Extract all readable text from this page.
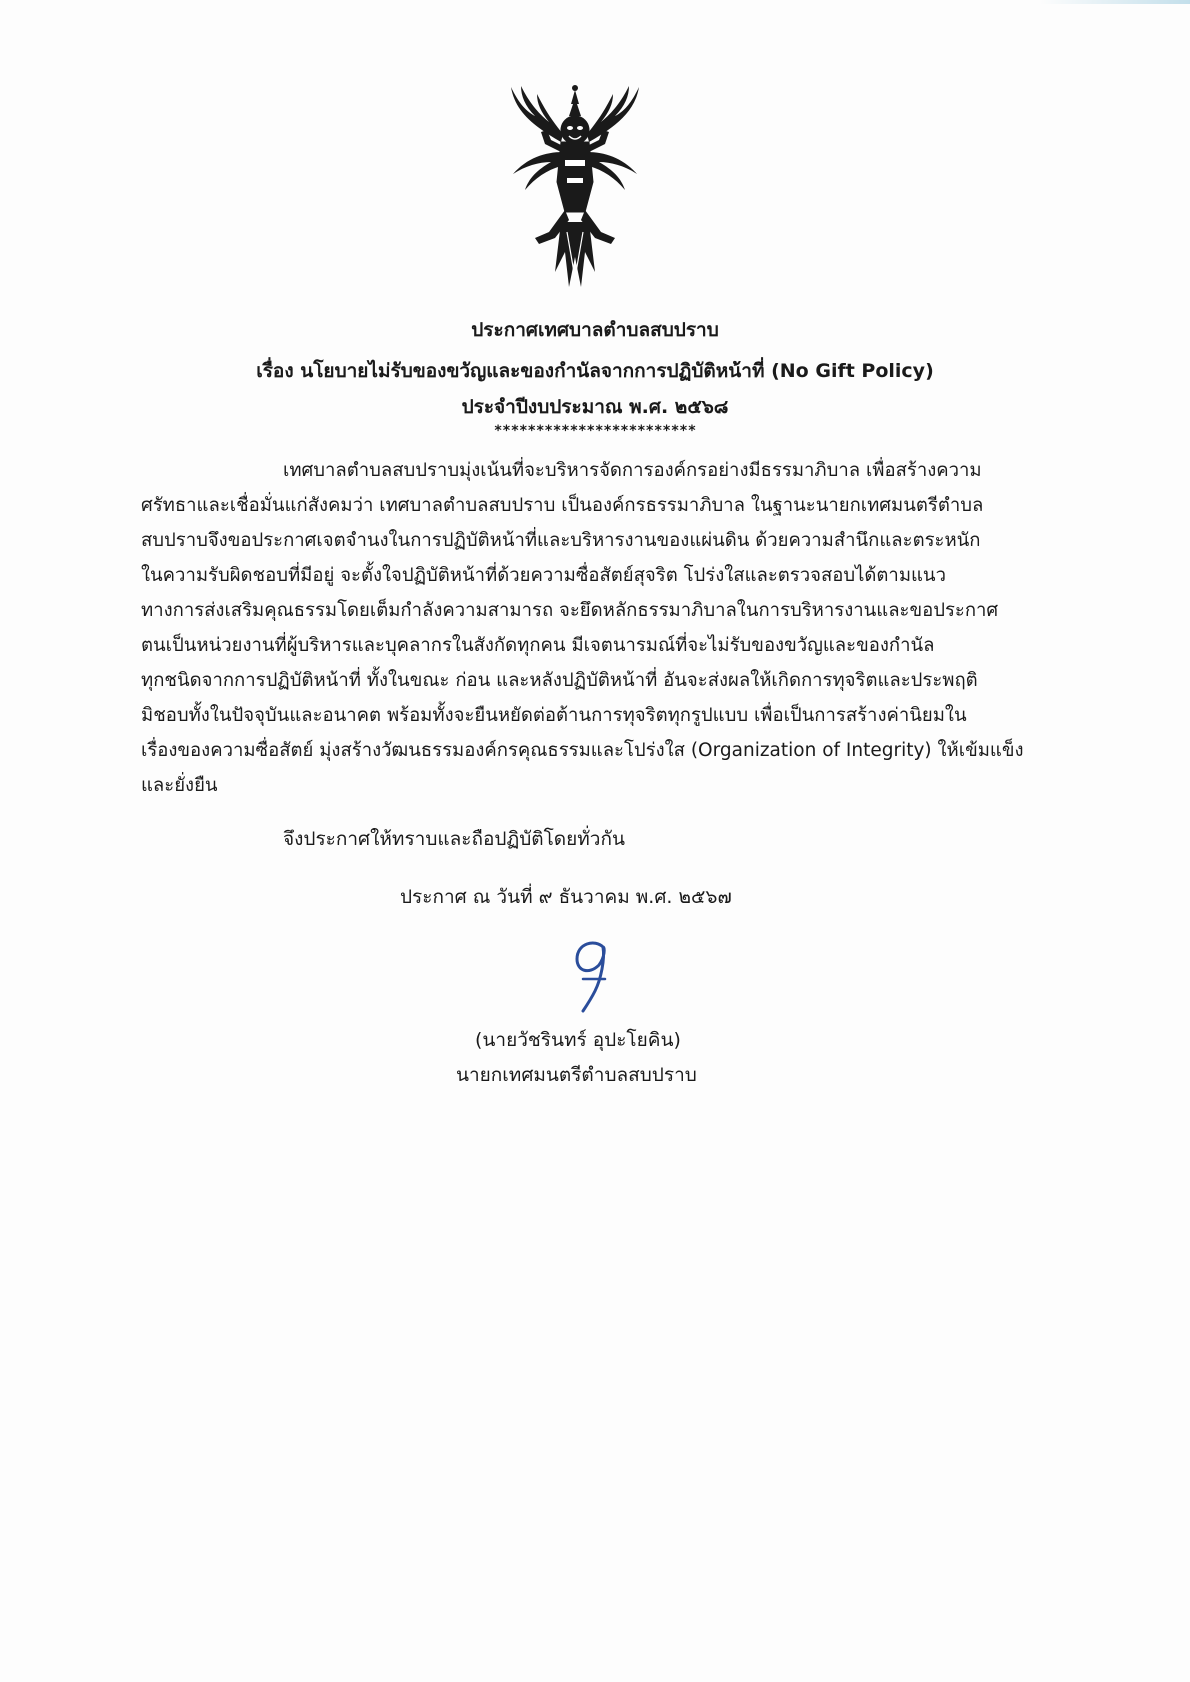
ประกาศเทศบาลตำบลสบปราบ
เรื่อง นโยบายไม่รับของขวัญและของกำนัลจากการปฏิบัติหน้าที่ (No Gift Policy)
ประจำปีงบประมาณ พ.ศ. ๒๕๖๘
************************
เทศบาลตำบลสบปราบมุ่งเน้นที่จะบริหารจัดการองค์กรอย่างมีธรรมาภิบาล เพื่อสร้างความ
ศรัทธาและเชื่อมั่นแก่สังคมว่า เทศบาลตำบลสบปราบ เป็นองค์กรธรรมาภิบาล ในฐานะนายกเทศมนตรีตำบล
สบปราบจึงขอประกาศเจตจำนงในการปฏิบัติหน้าที่และบริหารงานของแผ่นดิน ด้วยความสำนึกและตระหนัก
ในความรับผิดชอบที่มีอยู่ จะตั้งใจปฏิบัติหน้าที่ด้วยความซื่อสัตย์สุจริต โปร่งใสและตรวจสอบได้ตามแนว
ทางการส่งเสริมคุณธรรมโดยเต็มกำลังความสามารถ จะยึดหลักธรรมาภิบาลในการบริหารงานและขอประกาศ
ตนเป็นหน่วยงานที่ผู้บริหารและบุคลากรในสังกัดทุกคน มีเจตนารมณ์ที่จะไม่รับของขวัญและของกำนัล
ทุกชนิดจากการปฏิบัติหน้าที่ ทั้งในขณะ ก่อน และหลังปฏิบัติหน้าที่ อันจะส่งผลให้เกิดการทุจริตและประพฤติ
มิชอบทั้งในปัจจุบันและอนาคต พร้อมทั้งจะยืนหยัดต่อต้านการทุจริตทุกรูปแบบ เพื่อเป็นการสร้างค่านิยมใน
เรื่องของความซื่อสัตย์ มุ่งสร้างวัฒนธรรมองค์กรคุณธรรมและโปร่งใส (Organization of Integrity) ให้เข้มแข็ง
และยั่งยืน
จึงประกาศให้ทราบและถือปฏิบัติโดยทั่วกัน
ประกาศ ณ วันที่ ๙ ธันวาคม พ.ศ. ๒๕๖๗
(นายวัชรินทร์ อุปะโยคิน)
นายกเทศมนตรีตำบลสบปราบ
